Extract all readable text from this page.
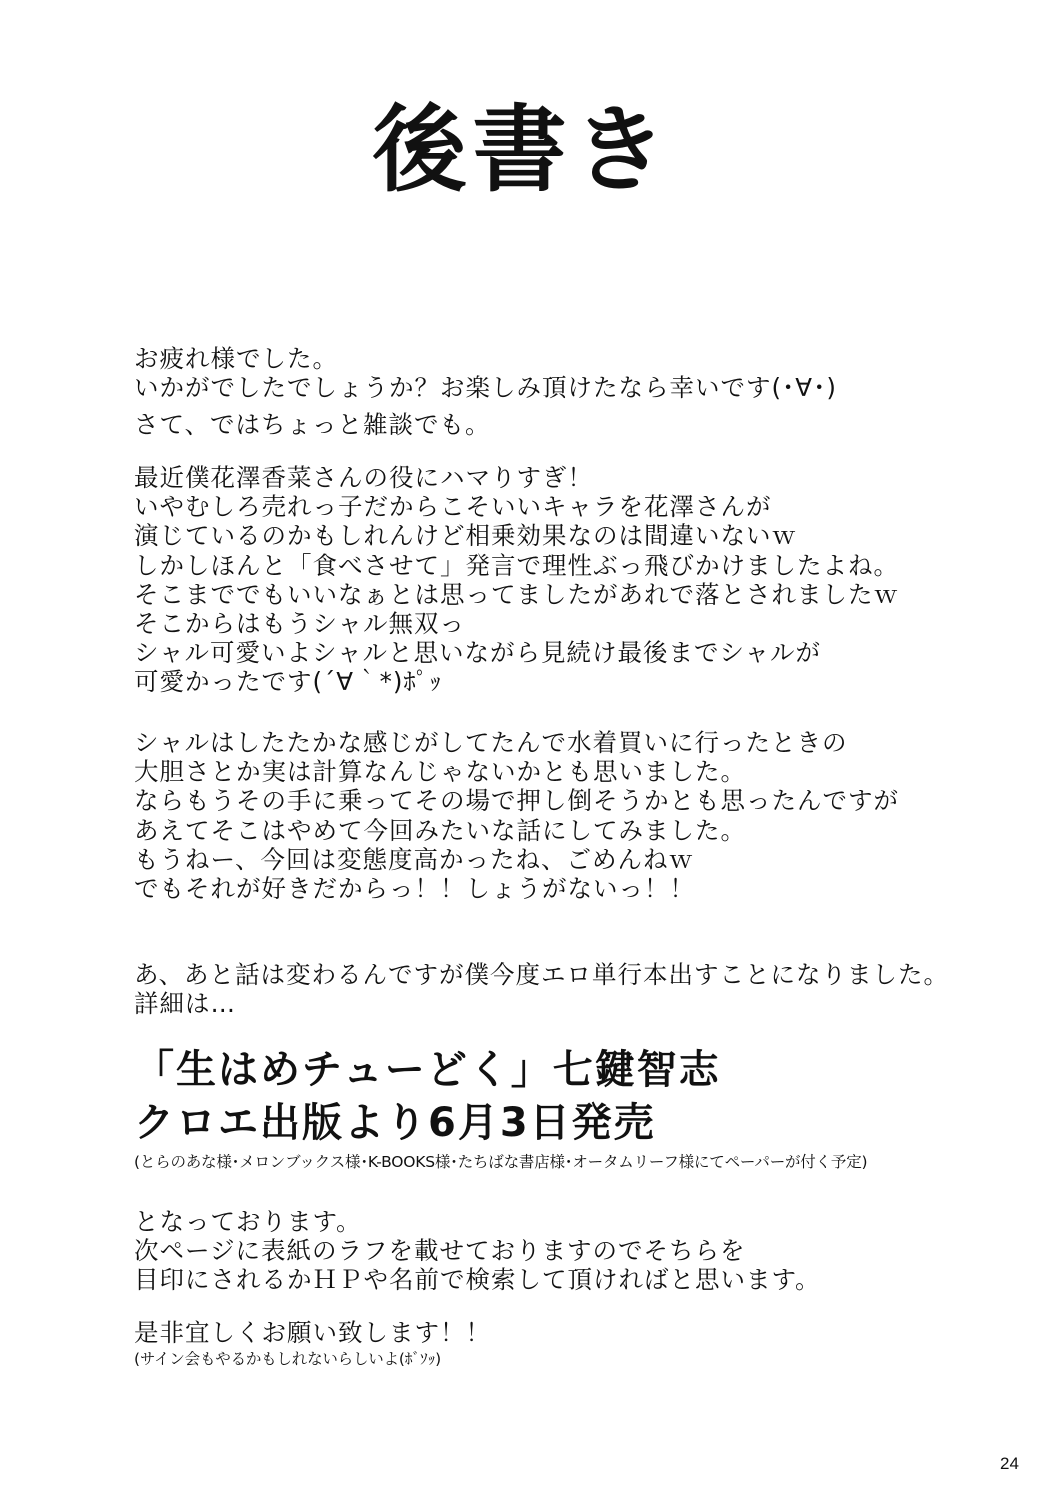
後書き
お疲れ様でした。
いかがでしたでしょうか？お楽しみ頂けたなら幸いです(･∀･)
さて、ではちょっと雑談でも。
最近僕花澤香菜さんの役にハマりすぎ！
いやむしろ売れっ子だからこそいいキャラを花澤さんが
演じているのかもしれんけど相乗効果なのは間違いないｗ
しかしほんと「食べさせて」発言で理性ぶっ飛びかけましたよね。
そこまででもいいなぁとは思ってましたがあれで落とされましたｗ
そこからはもうシャル無双っ
シャル可愛いよシャルと思いながら見続け最後までシャルが
可愛かったです(´∀｀*)ﾎﾟｯ
シャルはしたたかな感じがしてたんで水着買いに行ったときの
大胆さとか実は計算なんじゃないかとも思いました。
ならもうその手に乗ってその場で押し倒そうかとも思ったんですが
あえてそこはやめて今回みたいな話にしてみました。
もうねー、今回は変態度高かったね、ごめんねｗ
でもそれが好きだからっ！！しょうがないっ！！
あ、あと話は変わるんですが僕今度エロ単行本出すことになりました。
詳細は…
「生はめチューどく」七鍵智志
クロエ出版より6月3日発売
(とらのあな様･メロンブックス様･K-BOOKS様･たちばな書店様･オータムリーフ様にてペーパーが付く予定)
となっております。
次ページに表紙のラフを載せておりますのでそちらを
目印にされるかＨＰや名前で検索して頂ければと思います。
是非宜しくお願い致します！！
(サイン会もやるかもしれないらしいよ(ﾎﾞｿｯ)
24
